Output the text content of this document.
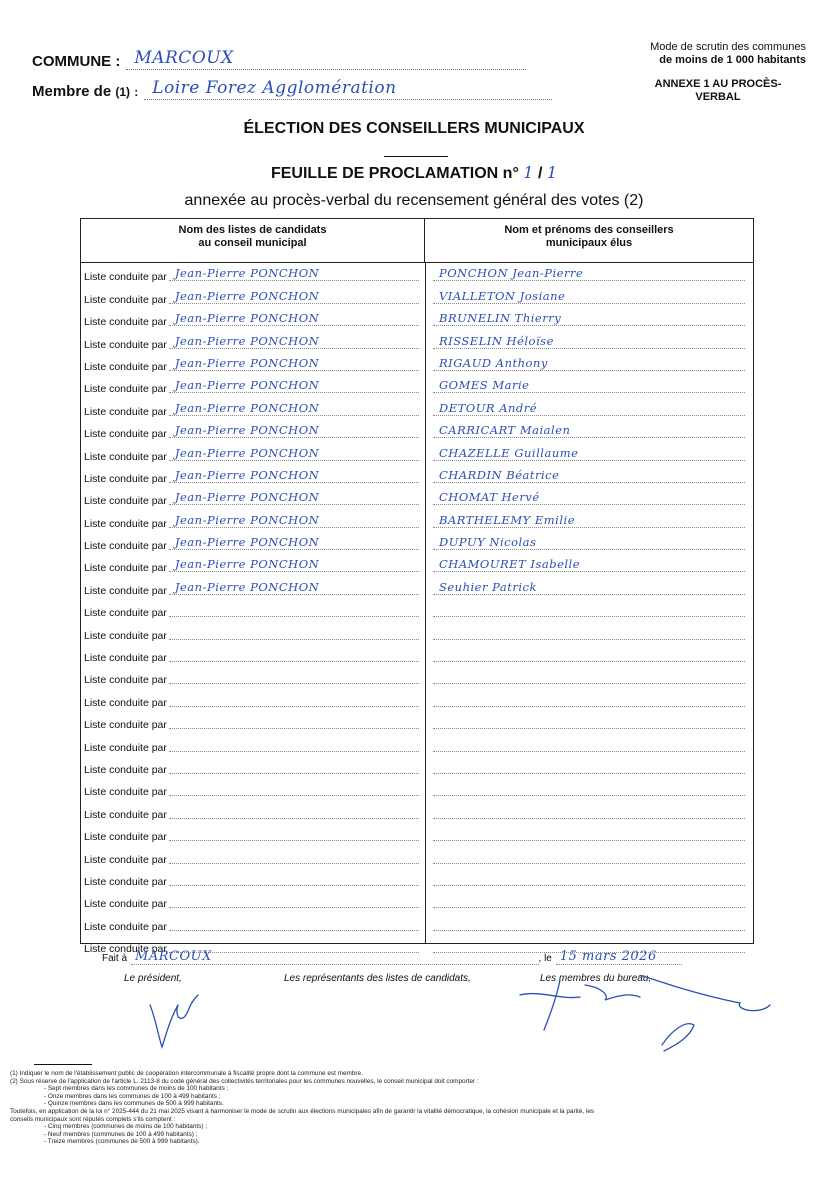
COMMUNE : MARCOUX
Membre de (1) : Loire Forez Agglomération
Mode de scrutin des communes
de moins de 1 000 habitants
ANNEXE 1 AU PROCÈS-
VERBAL
ÉLECTION DES CONSEILLERS MUNICIPAUX
FEUILLE DE PROCLAMATION n° 1 / 1
annexée au procès-verbal du recensement général des votes (2)
Nom des listes de candidats
au conseil municipal
Nom et prénoms des conseillers
municipaux élus
Liste conduite par Jean-Pierre PONCHON	PONCHON Jean-Pierre
Liste conduite par Jean-Pierre PONCHON	VIALLETON Josiane
Liste conduite par Jean-Pierre PONCHON	BRUNELIN Thierry
Liste conduite par Jean-Pierre PONCHON	RISSELIN Héloïse
Liste conduite par Jean-Pierre PONCHON	RIGAUD Anthony
Liste conduite par Jean-Pierre PONCHON	GOMES Marie
Liste conduite par Jean-Pierre PONCHON	DETOUR André
Liste conduite par Jean-Pierre PONCHON	CARRICART Maialen
Liste conduite par Jean-Pierre PONCHON	CHAZELLE Guillaume
Liste conduite par Jean-Pierre PONCHON	CHARDIN Béatrice
Liste conduite par Jean-Pierre PONCHON	CHOMAT Hervé
Liste conduite par Jean-Pierre PONCHON	BARTHELEMY Emilie
Liste conduite par Jean-Pierre PONCHON	DUPUY Nicolas
Liste conduite par Jean-Pierre PONCHON	CHAMOURET Isabelle
Liste conduite par Jean-Pierre PONCHON	Seuhier Patrick
Liste conduite par
Liste conduite par
Liste conduite par
Liste conduite par
Liste conduite par
Liste conduite par
Liste conduite par
Liste conduite par
Liste conduite par
Liste conduite par
Liste conduite par
Liste conduite par
Liste conduite par
Liste conduite par
Liste conduite par
Liste conduite par
Fait à MARCOUX	, le 15 mars 2026
Le président,	Les représentants des listes de candidats,	Les membres du bureau,
(1) Indiquer le nom de l'établissement public de coopération intercommunale à fiscalité propre dont la commune est membre.
(2) Sous réserve de l'application de l'article L. 2113-8 du code général des collectivités territoriales pour les communes nouvelles, le conseil municipal doit comporter :
- Sept membres dans les communes de moins de 100 habitants ;
- Onze membres dans les communes de 100 à 499 habitants ;
- Quinze membres dans les communes de 500 à 999 habitants.
Toutefois, en application de la loi n° 2025-444 du 21 mai 2025 visant à harmoniser le mode de scrutin aux élections municipales afin de garantir la vitalité démocratique, la cohésion municipale et la parité, les
conseils municipaux sont réputés complets s'ils comptent :
- Cinq membres (communes de moins de 100 habitants) ;
- Neuf membres (communes de 100 à 499 habitants) ;
- Treize membres (communes de 500 à 999 habitants).
